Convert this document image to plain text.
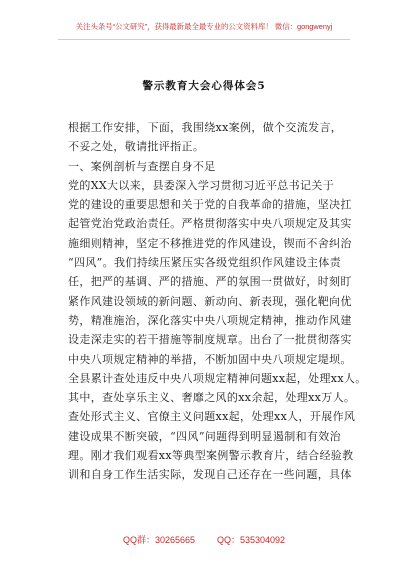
关注头条号“公文研究”，获得最新最全最专业的公文资料库！ 微信：gongwenyj
警示教育大会心得体会5
根据工作安排，下面，我围绕xx案例，做个交流发言，
不妥之处，敬请批评指正。
一、案例剖析与查摆自身不足
党的XX大以来，县委深入学习贯彻习近平总书记关于
党的建设的重要思想和关于党的自我革命的措施，坚决扛
起管党治党政治责任。严格贯彻落实中央八项规定及其实
施细则精神，坚定不移推进党的作风建设，锲而不舍纠治
“四风”。我们持续压紧压实各级党组织作风建设主体责
任，把严的基调、严的措施、严的氛围一贯做好，时刻盯
紧作风建设领域的新问题、新动向、新表现，强化靶向优
势，精准施治，深化落实中央八项规定精神，推动作风建
设走深走实的若干措施等制度规章。出台了一批贯彻落实
中央八项规定精神的举措，不断加固中央八项规定堤坝。
全县累计查处违反中央八项规定精神问题xx起，处理xx人。
其中，查处享乐主义、奢靡之风的xx余起，处理xx万人。
查处形式主义、官僚主义问题xx起，处理xx人，开展作风
建设成果不断突破，“四风”问题得到明显遏制和有效治
理。刚才我们观看xx等典型案例警示教育片，结合经验教
训和自身工作生活实际，发现自己还存在一些问题，具体
QQ群：30265665 QQ：535304092
